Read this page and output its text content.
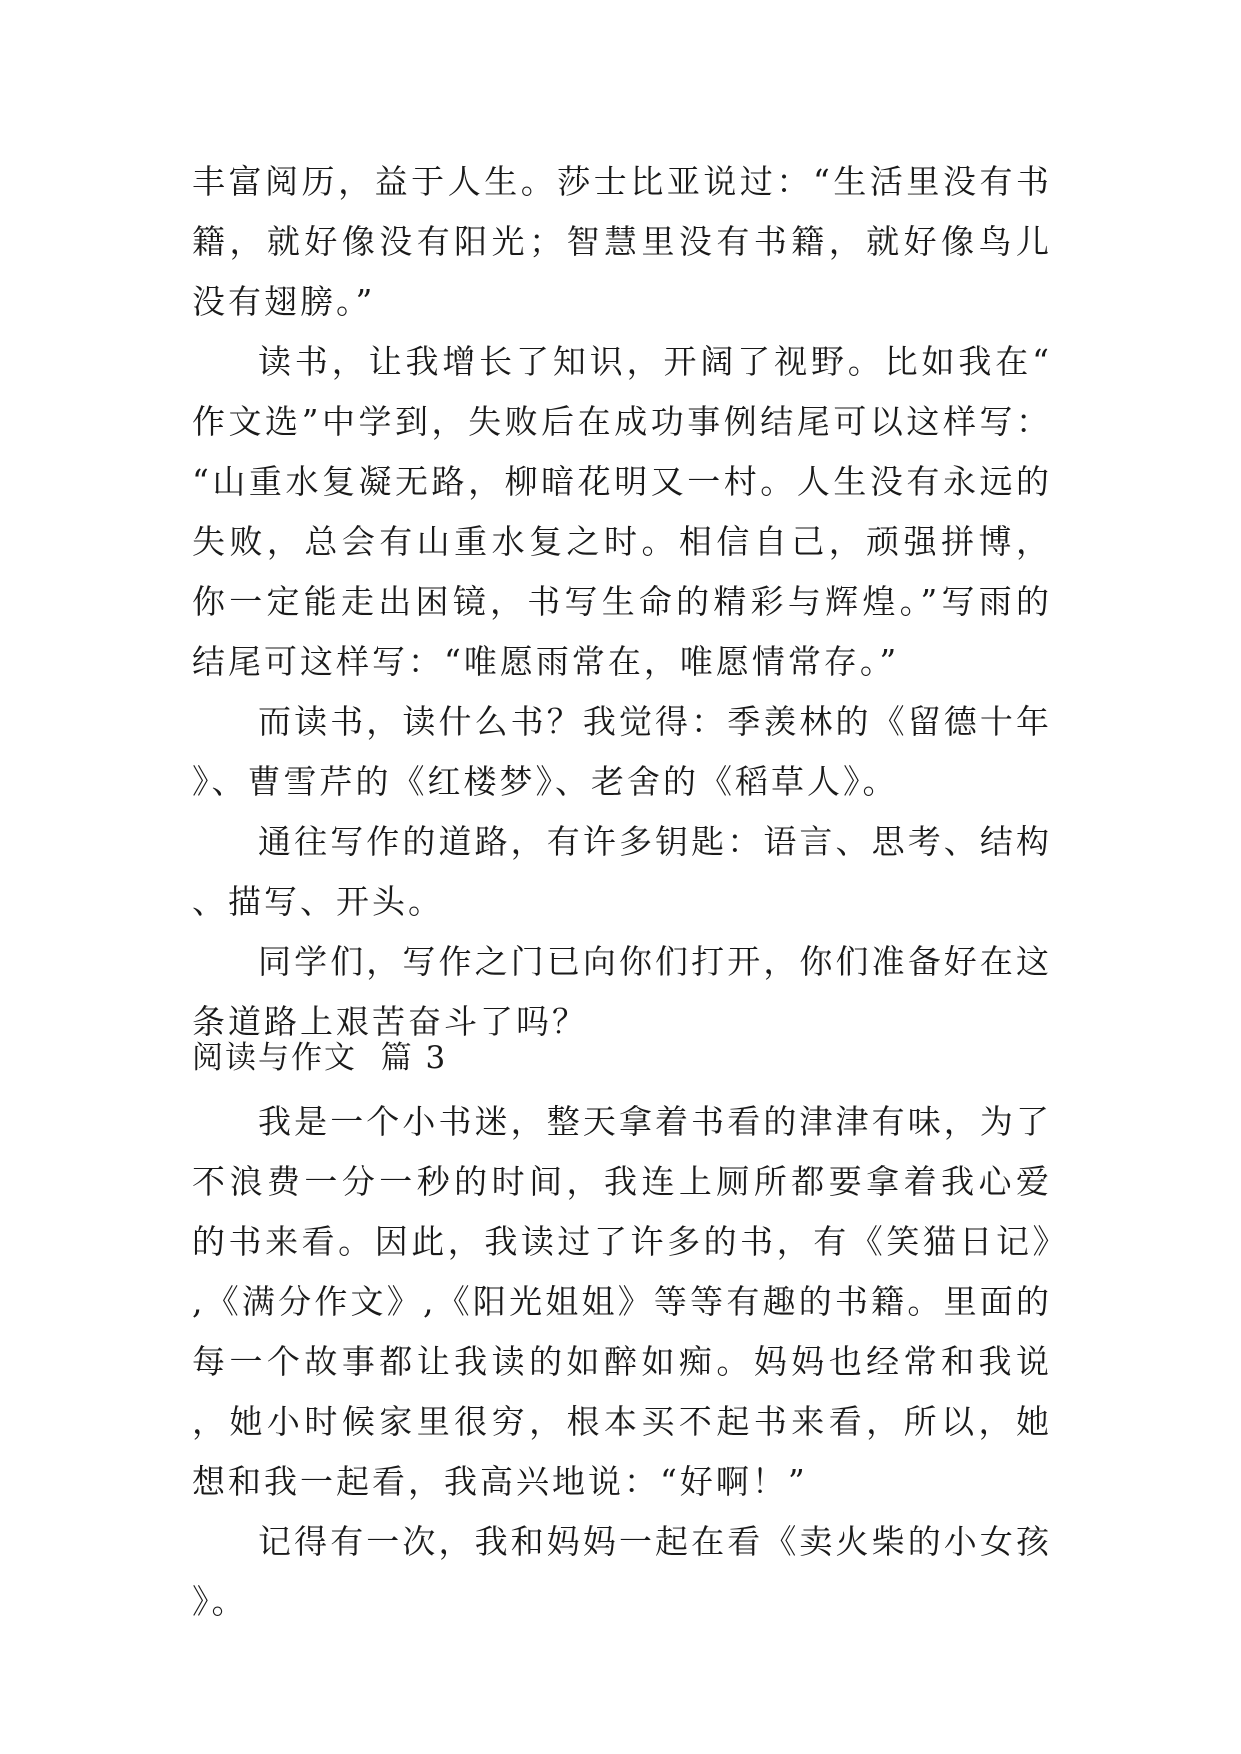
丰富阅历，益于人生。莎士比亚说过：“生活里没有书籍，就好像没有阳光；智慧里没有书籍，就好像鸟儿没有翅膀。”

读书，让我增长了知识，开阔了视野。比如我在“作文选”中学到，失败后在成功事例结尾可以这样写：“山重水复凝无路，柳暗花明又一村。人生没有永远的失败，总会有山重水复之时。相信自己，顽强拼博，你一定能走出困镜，书写生命的精彩与辉煌。”写雨的结尾可这样写：“唯愿雨常在，唯愿情常存。”

而读书，读什么书？我觉得：季羡林的《留德十年》、曹雪芹的《红楼梦》、老舍的《稻草人》。

通往写作的道路，有许多钥匙：语言、思考、结构、描写、开头。

同学们，写作之门已向你们打开，你们准备好在这条道路上艰苦奋斗了吗？

阅读与作文  篇 3

我是一个小书迷，整天拿着书看的津津有味，为了不浪费一分一秒的时间，我连上厕所都要拿着我心爱的书来看。因此，我读过了许多的书，有《笑猫日记》,《满分作文》,《阳光姐姐》等等有趣的书籍。里面的每一个故事都让我读的如醉如痴。妈妈也经常和我说，她小时候家里很穷，根本买不起书来看，所以，她想和我一起看，我高兴地说：“好啊！”

记得有一次，我和妈妈一起在看《卖火柴的小女孩》。
